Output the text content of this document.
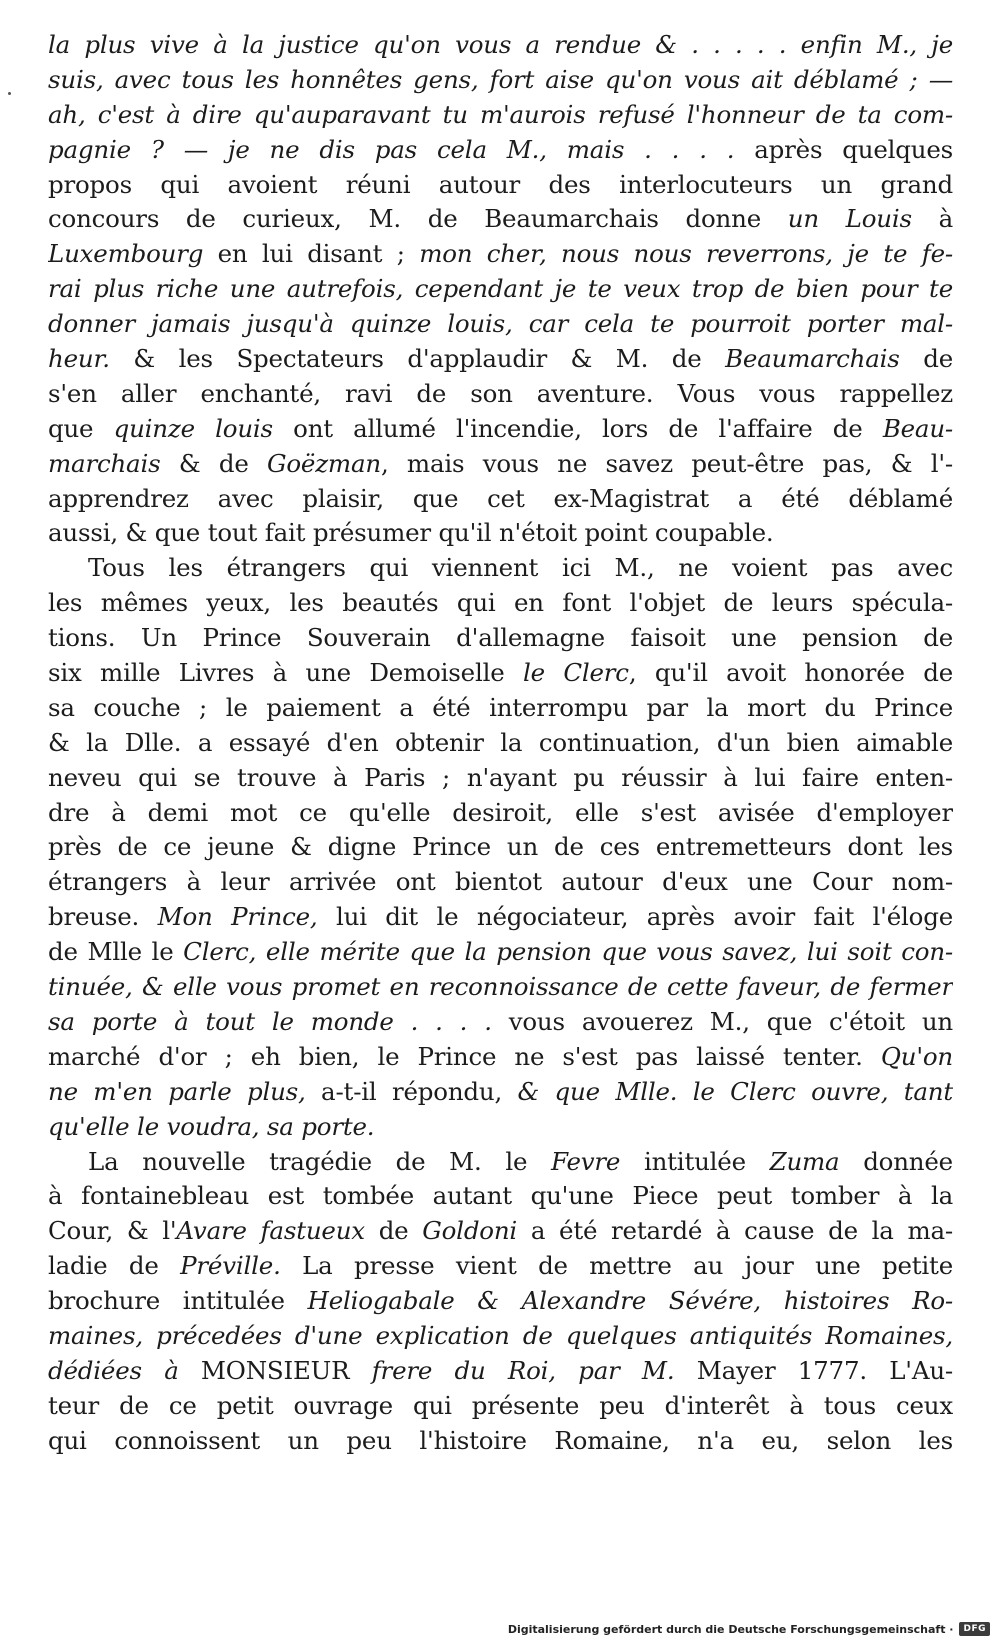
la plus vive à la justice qu'on vous a rendue & . . . . . enfin M., je
suis, avec tous les honnêtes gens, fort aise qu'on vous ait déblamé ; —
ah, c'est à dire qu'auparavant tu m'aurois refusé l'honneur de ta com-
pagnie ? — je ne dis pas cela M., mais . . . . après quelques
propos qui avoient réuni autour des interlocuteurs un grand
concours de curieux, M. de Beaumarchais donne un Louis à
Luxembourg en lui disant ; mon cher, nous nous reverrons, je te fe-
rai plus riche une autrefois, cependant je te veux trop de bien pour te
donner jamais jusqu'à quinze louis, car cela te pourroit porter mal-
heur. & les Spectateurs d'applaudir & M. de Beaumarchais de
s'en aller enchanté, ravi de son aventure. Vous vous rappellez
que quinze louis ont allumé l'incendie, lors de l'affaire de Beau-
marchais & de Goëzman, mais vous ne savez peut-être pas, & l'-
apprendrez avec plaisir, que cet ex-Magistrat a été déblamé
aussi, & que tout fait présumer qu'il n'étoit point coupable.
Tous les étrangers qui viennent ici M., ne voient pas avec
les mêmes yeux, les beautés qui en font l'objet de leurs spécula-
tions. Un Prince Souverain d'allemagne faisoit une pension de
six mille Livres à une Demoiselle le Clerc, qu'il avoit honorée de
sa couche ; le paiement a été interrompu par la mort du Prince
& la Dlle. a essayé d'en obtenir la continuation, d'un bien aimable
neveu qui se trouve à Paris ; n'ayant pu réussir à lui faire enten-
dre à demi mot ce qu'elle desiroit, elle s'est avisée d'employer
près de ce jeune & digne Prince un de ces entremetteurs dont les
étrangers à leur arrivée ont bientot autour d'eux une Cour nom-
breuse. Mon Prince, lui dit le négociateur, après avoir fait l'éloge
de Mlle le Clerc, elle mérite que la pension que vous savez, lui soit con-
tinuée, & elle vous promet en reconnoissance de cette faveur, de fermer
sa porte à tout le monde . . . . vous avouerez M., que c'étoit un
marché d'or ; eh bien, le Prince ne s'est pas laissé tenter. Qu'on
ne m'en parle plus, a-t-il répondu, & que Mlle. le Clerc ouvre, tant
qu'elle le voudra, sa porte.
La nouvelle tragédie de M. le Fevre intitulée Zuma donnée
à fontainebleau est tombée autant qu'une Piece peut tomber à la
Cour, & l'Avare fastueux de Goldoni a été retardé à cause de la ma-
ladie de Préville. La presse vient de mettre au jour une petite
brochure intitulée Heliogabale & Alexandre Sévére, histoires Ro-
maines, précedées d'une explication de quelques antiquités Romaines,
dédiées à MONSIEUR frere du Roi, par M. Mayer 1777. L'Au-
teur de ce petit ouvrage qui présente peu d'interêt à tous ceux
qui connoissent un peu l'histoire Romaine, n'a eu, selon les
Digitalisierung gefördert durch die Deutsche Forschungsgemeinschaft ·	DFG
